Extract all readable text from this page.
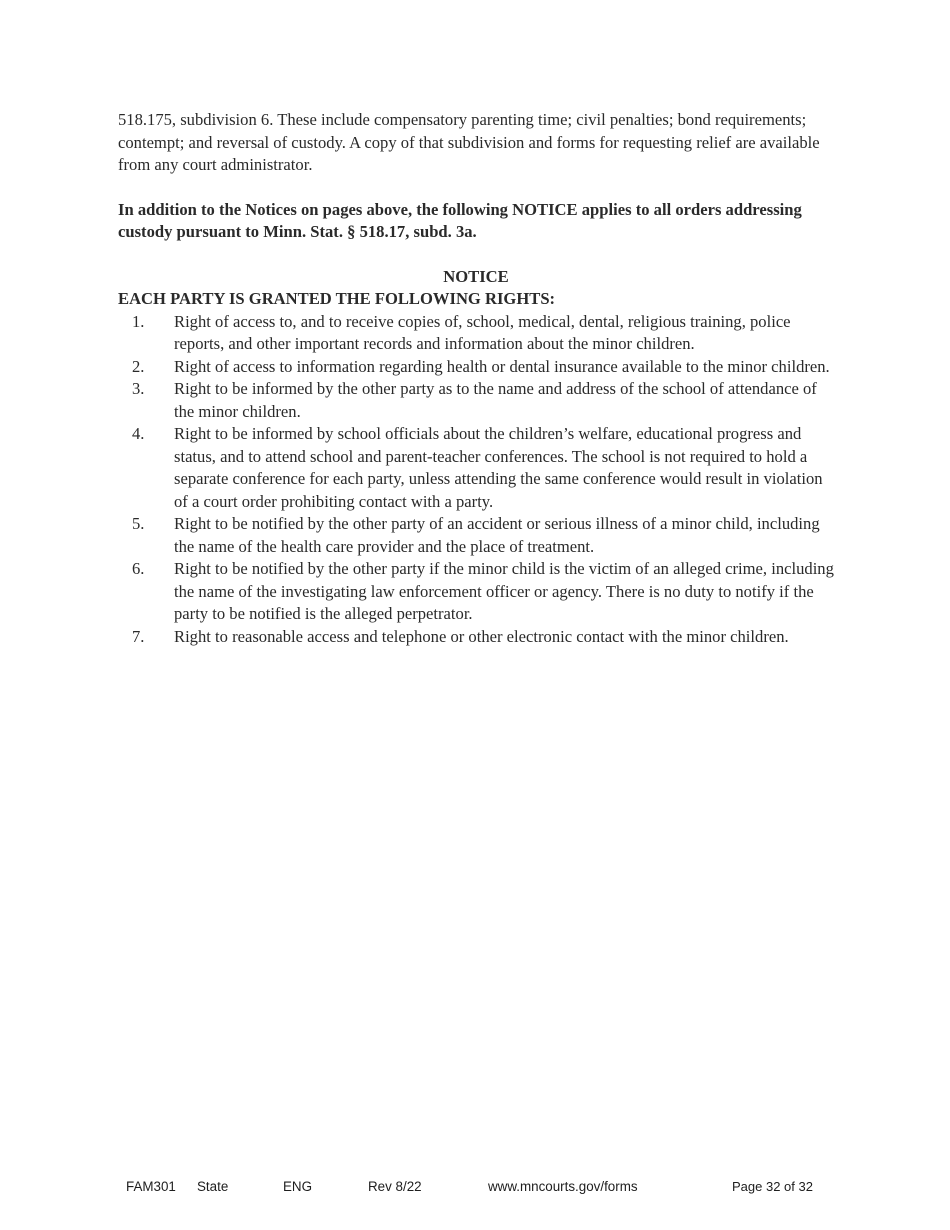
518.175, subdivision 6. These include compensatory parenting time; civil penalties; bond requirements; contempt; and reversal of custody. A copy of that subdivision and forms for requesting relief are available from any court administrator.

In addition to the Notices on pages above, the following NOTICE applies to all orders addressing custody pursuant to Minn. Stat. § 518.17, subd. 3a.

NOTICE

EACH PARTY IS GRANTED THE FOLLOWING RIGHTS:

1.	Right of access to, and to receive copies of, school, medical, dental, religious training, police reports, and other important records and information about the minor children.
2.	Right of access to information regarding health or dental insurance available to the minor children.
3.	Right to be informed by the other party as to the name and address of the school of attendance of the minor children.
4.	Right to be informed by school officials about the children’s welfare, educational progress and status, and to attend school and parent-teacher conferences. The school is not required to hold a separate conference for each party, unless attending the same conference would result in violation of a court order prohibiting contact with a party.
5.	Right to be notified by the other party of an accident or serious illness of a minor child, including the name of the health care provider and the place of treatment.
6.	Right to be notified by the other party if the minor child is the victim of an alleged crime, including the name of the investigating law enforcement officer or agency. There is no duty to notify if the party to be notified is the alleged perpetrator.
7.	Right to reasonable access and telephone or other electronic contact with the minor children.
FAM301 State	ENG	Rev 8/22	www.mncourts.gov/forms	Page 32 of 32
